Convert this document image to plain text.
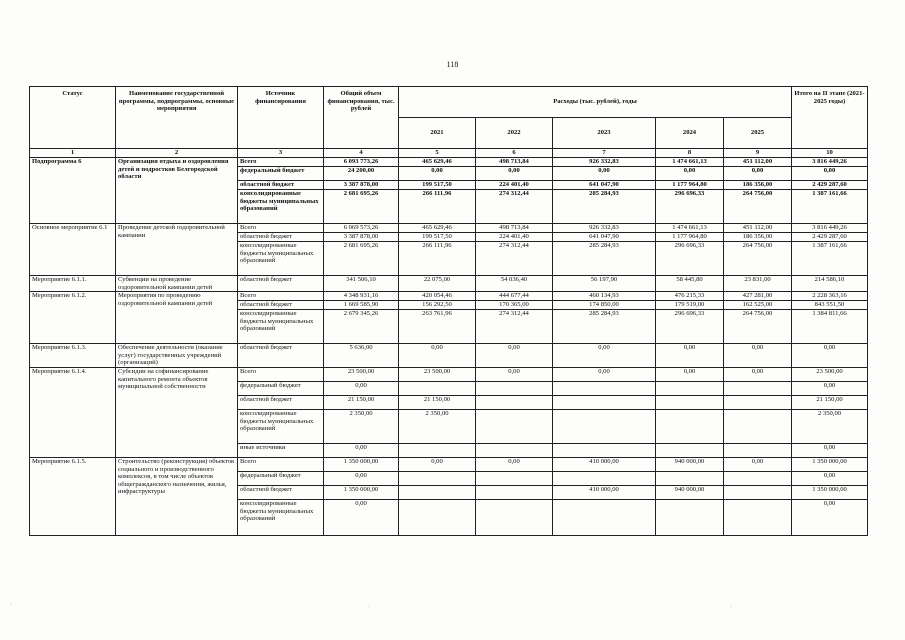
118
Статус	Наименование государственной программы, подпрограммы, основные мероприятия	Источник финансирования	Общий объем финансирования, тыс. рублей	Расходы (тыс. рублей), годы					Итого на II этапе (2021-2025 годы)
				2021	2022	2023	2024	2025	
1	2	3	4	5	6	7	8	9	10
Подпрограмма 6	Организация отдыха и оздоровления детей и подростков Белгородской области	Всего	6 093 773,26	465 629,46	498 713,84	926 332,83	1 474 661,13	451 112,00	3 816 449,26
		федеральный бюджет	24 200,00	0,00	0,00	0,00	0,00	0,00	0,00
		областной бюджет	3 387 878,00	199 517,50	224 401,40	641 047,90	1 177 964,80	186 356,00	2 429 287,60
		консолидированные бюджеты муниципальных образований	2 681 695,26	266 111,96	274 312,44	285 284,93	296 696,33	264 756,00	1 387 161,66
Основное мероприятие 6.1	Проведение детской оздоровительной кампании	Всего	6 069 573,26	465 629,46	498 713,84	926 332,83	1 474 661,13	451 112,00	3 816 449,26
		областной бюджет	3 387 878,00	199 517,50	224 401,40	641 047,90	1 177 964,80	186 356,00	2 429 287,60
		консолидированные бюджеты муниципальных образований	2 681 695,26	266 111,96	274 312,44	285 284,93	296 696,33	264 756,00	1 387 161,66
Мероприятие 6.1.1.	Субвенции на проведение оздоровительной кампании детей	областной бюджет	341 506,10	22 075,00	54 036,40	56 197,90	58 445,80	23 831,00	214 586,10
Мероприятие 6.1.2.	Мероприятия по проведению оздоровительной кампании детей	Всего	4 348 931,16	420 054,46	444 677,44	460 134,93	476 215,33	427 281,00	2 228 363,16
		областной бюджет	1 669 585,90	156 292,50	170 365,00	174 850,00	179 519,00	162 525,00	843 551,50
		консолидированные бюджеты муниципальных образований	2 679 345,26	263 761,96	274 312,44	285 284,93	296 696,33	264 756,00	1 384 811,66
Мероприятие 6.1.3.	Обеспечение деятельности (оказание услуг) государственных учреждений (организаций)	областной бюджет	5 636,00	0,00	0,00	0,00	0,00	0,00	0,00
Мероприятие 6.1.4.	Субсидии на софинансирование капитального ремонта объектов муниципальной собственности	Всего	23 500,00	23 500,00	0,00	0,00	0,00	0,00	23 500,00
		федеральный бюджет	0,00						0,00
		областной бюджет	21 150,00	21 150,00					21 150,00
		консолидированные бюджеты муниципальных образований	2 350,00	2 350,00					2 350,00
		иные источники	0,00						0,00
Мероприятие 6.1.5.	Строительство (реконструкция) объектов социального и производственного комплексов, в том числе объектов общегражданского назначения, жилья, инфраструктуры	Всего	1 350 000,00	0,00	0,00	410 000,00	940 000,00	0,00	1 350 000,00
		федеральный бюджет	0,00						0,00
		областной бюджет	1 350 000,00			410 000,00	940 000,00		1 350 000,00
		консолидированные бюджеты муниципальных образований	0,00						0,00
·	·	·
